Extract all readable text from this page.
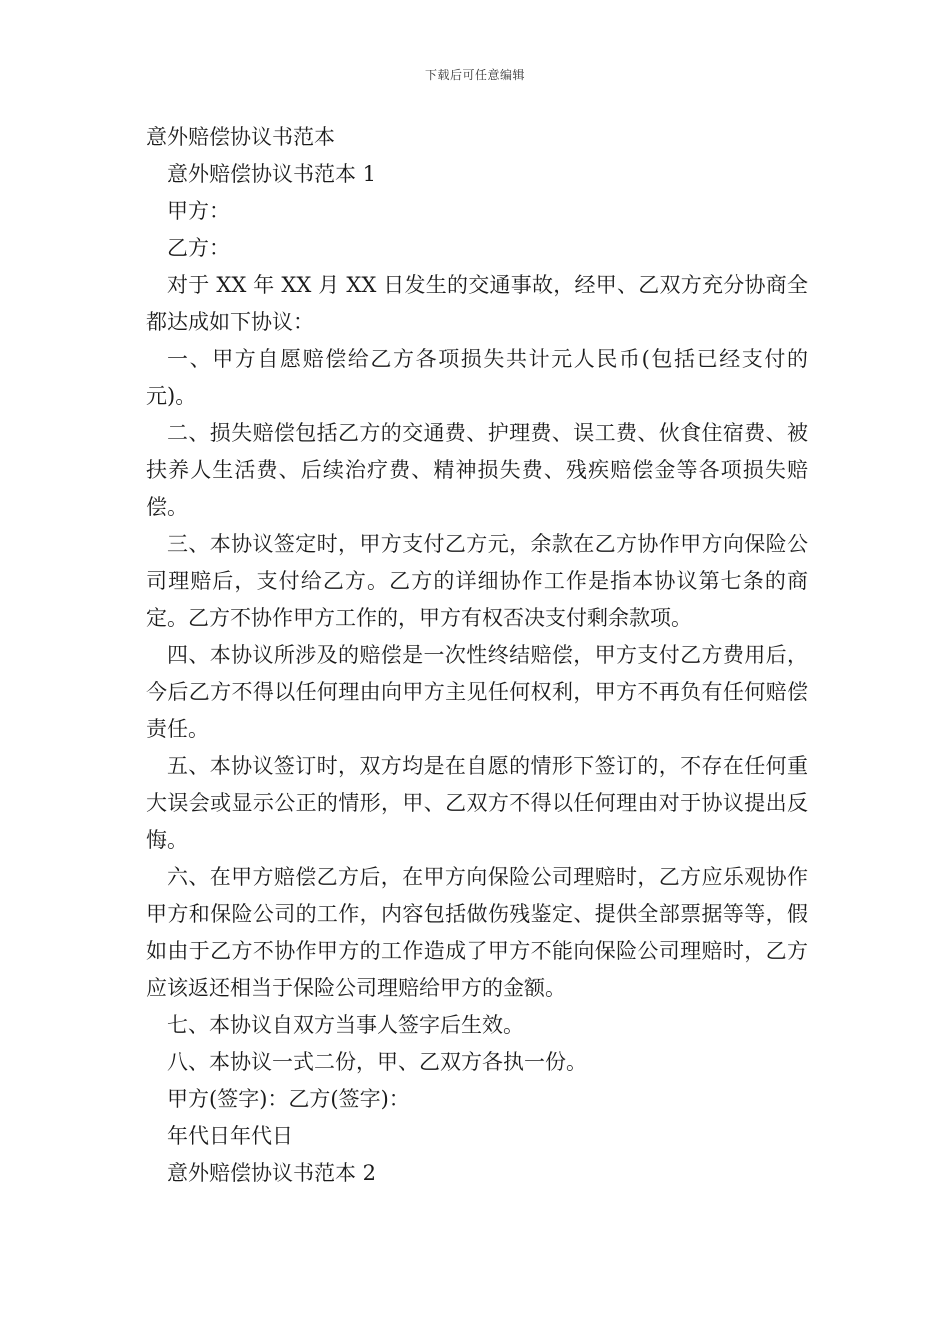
下载后可任意编辑

意外赔偿协议书范本

意外赔偿协议书范本 1

甲方：

乙方：

对于 XX 年 XX 月 XX 日发生的交通事故，经甲、乙双方充分协商全都达成如下协议：

一、甲方自愿赔偿给乙方各项损失共计元人民币(包括已经支付的元)。

二、损失赔偿包括乙方的交通费、护理费、误工费、伙食住宿费、被扶养人生活费、后续治疗费、精神损失费、残疾赔偿金等各项损失赔偿。

三、本协议签定时，甲方支付乙方元，余款在乙方协作甲方向保险公司理赔后，支付给乙方。乙方的详细协作工作是指本协议第七条的商定。乙方不协作甲方工作的，甲方有权否决支付剩余款项。

四、本协议所涉及的赔偿是一次性终结赔偿，甲方支付乙方费用后，今后乙方不得以任何理由向甲方主见任何权利，甲方不再负有任何赔偿责任。

五、本协议签订时，双方均是在自愿的情形下签订的，不存在任何重大误会或显示公正的情形，甲、乙双方不得以任何理由对于协议提出反悔。

六、在甲方赔偿乙方后，在甲方向保险公司理赔时，乙方应乐观协作甲方和保险公司的工作，内容包括做伤残鉴定、提供全部票据等等，假如由于乙方不协作甲方的工作造成了甲方不能向保险公司理赔时，乙方应该返还相当于保险公司理赔给甲方的金额。

七、本协议自双方当事人签字后生效。

八、本协议一式二份，甲、乙双方各执一份。

甲方(签字)：乙方(签字)：

年代日年代日

意外赔偿协议书范本 2
